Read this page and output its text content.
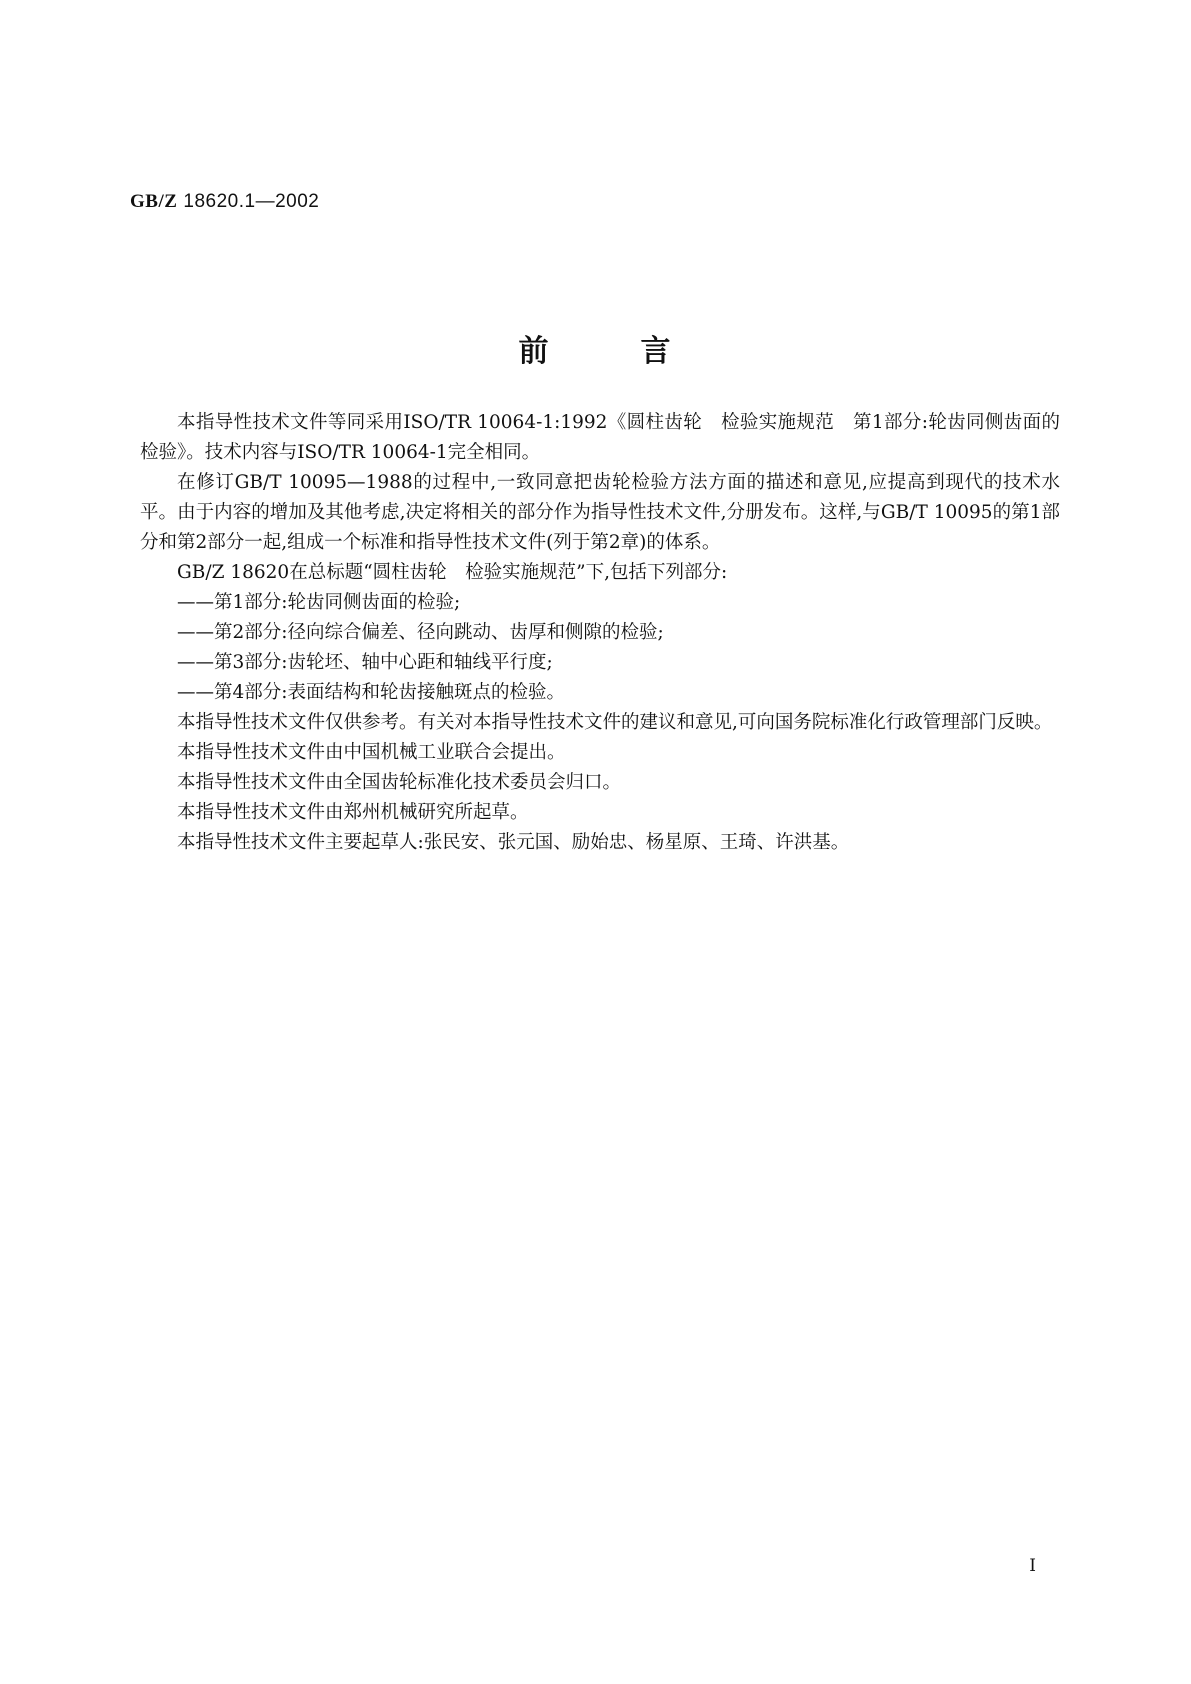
GB/Z 18620.1—2002
前	言

本指导性技术文件等同采用ISO/TR 10064-1:1992《圆柱齿轮　检验实施规范　第1部分:轮齿同侧齿面的检验》。技术内容与ISO/TR 10064-1完全相同。

在修订GB/T 10095—1988的过程中,一致同意把齿轮检验方法方面的描述和意见,应提高到现代的技术水平。由于内容的增加及其他考虑,决定将相关的部分作为指导性技术文件,分册发布。这样,与GB/T 10095的第1部分和第2部分一起,组成一个标准和指导性技术文件(列于第2章)的体系。

GB/Z 18620在总标题“圆柱齿轮　检验实施规范”下,包括下列部分:

——第1部分:轮齿同侧齿面的检验;

——第2部分:径向综合偏差、径向跳动、齿厚和侧隙的检验;

——第3部分:齿轮坯、轴中心距和轴线平行度;

——第4部分:表面结构和轮齿接触斑点的检验。

本指导性技术文件仅供参考。有关对本指导性技术文件的建议和意见,可向国务院标准化行政管理部门反映。

本指导性技术文件由中国机械工业联合会提出。

本指导性技术文件由全国齿轮标准化技术委员会归口。

本指导性技术文件由郑州机械研究所起草。

本指导性技术文件主要起草人:张民安、张元国、励始忠、杨星原、王琦、许洪基。

I
